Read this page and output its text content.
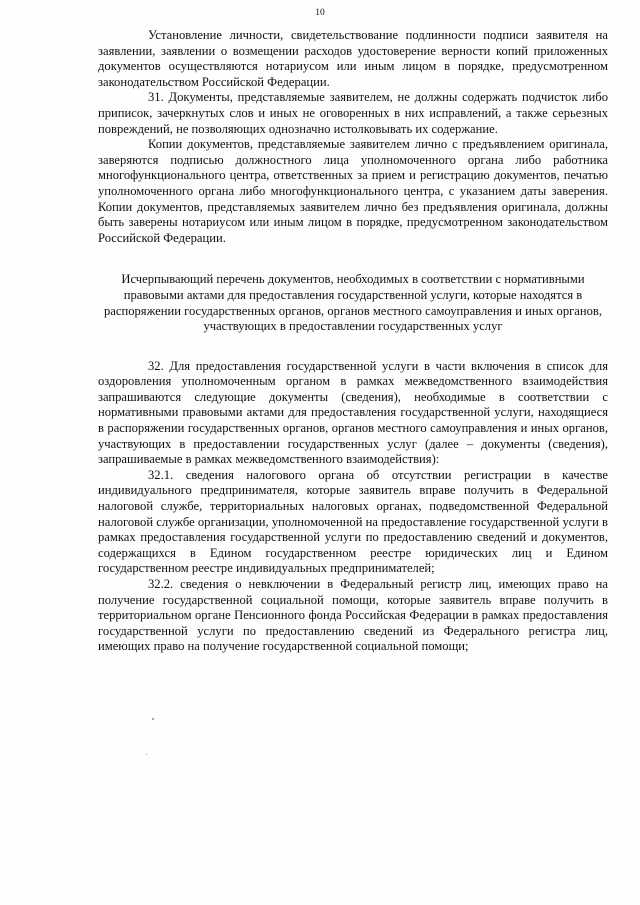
10

Установление личности, свидетельствование подлинности подписи заявителя на заявлении, заявлении о возмещении расходов удостоверение верности копий приложенных документов осуществляются нотариусом или иным лицом в порядке, предусмотренном законодательством Российской Федерации.

31. Документы, представляемые заявителем, не должны содержать подчисток либо приписок, зачеркнутых слов и иных не оговоренных в них исправлений, а также серьезных повреждений, не позволяющих однозначно истолковывать их содержание.

Копии документов, представляемые заявителем лично с предъявлением оригинала, заверяются подписью должностного лица уполномоченного органа либо работника многофункционального центра, ответственных за прием и регистрацию документов, печатью уполномоченного органа либо многофункционального центра, с указанием даты заверения. Копии документов, представляемых заявителем лично без предъявления оригинала, должны быть заверены нотариусом или иным лицом в порядке, предусмотренном законодательством Российской Федерации.

Исчерпывающий перечень документов, необходимых в соответствии с нормативными правовыми актами для предоставления государственной услуги, которые находятся в распоряжении государственных органов, органов местного самоуправления и иных органов, участвующих в предоставлении государственных услуг

32. Для предоставления государственной услуги в части включения в список для оздоровления уполномоченным органом в рамках межведомственного взаимодействия запрашиваются следующие документы (сведения), необходимые в соответствии с нормативными правовыми актами для предоставления государственной услуги, находящиеся в распоряжении государственных органов, органов местного самоуправления и иных органов, участвующих в предоставлении государственных услуг (далее – документы (сведения), запрашиваемые в рамках межведомственного взаимодействия):

32.1. сведения налогового органа об отсутствии регистрации в качестве индивидуального предпринимателя, которые заявитель вправе получить в Федеральной налоговой службе, территориальных налоговых органах, подведомственной Федеральной налоговой службе организации, уполномоченной на предоставление государственной услуги в рамках предоставления государственной услуги по предоставлению сведений и документов, содержащихся в Едином государственном реестре юридических лиц и Едином государственном реестре индивидуальных предпринимателей;

32.2. сведения о невключении в Федеральный регистр лиц, имеющих право на получение государственной социальной помощи, которые заявитель вправе получить в территориальном органе Пенсионного фонда Российская Федерации в рамках предоставления государственной услуги по предоставлению сведений из Федерального регистра лиц, имеющих право на получение государственной социальной помощи;
